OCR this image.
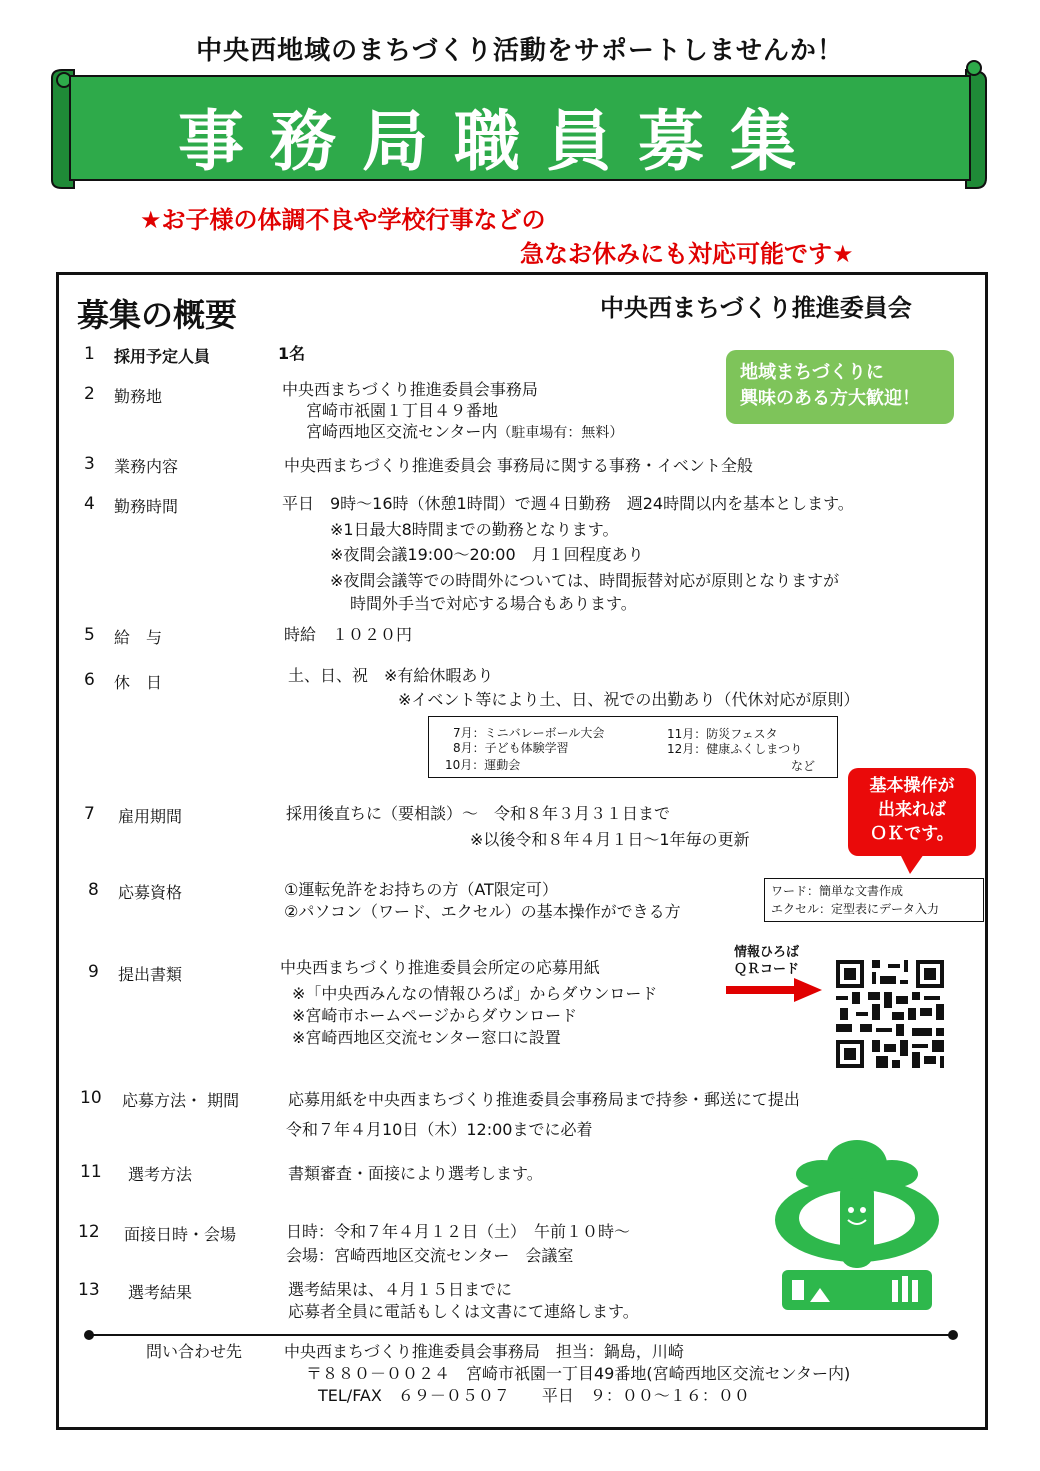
中央西地域のまちづくり活動をサポートしませんか！
事務局職員募集
★お子様の体調不良や学校行事などの
急なお休みにも対応可能です★
募集の概要	中央西まちづくり推進委員会
地域まちづくりに
興味のある方大歓迎！
1 採用予定人員	1名
2 勤務地	中央西まちづくり推進委員会事務局
宮崎市祇園１丁目４９番地
宮崎西地区交流センター内（駐車場有：無料）
3 業務内容	中央西まちづくり推進委員会 事務局に関する事務・イベント全般
4 勤務時間	平日　9時～16時（休憩1時間）で週４日勤務　週24時間以内を基本とします。
※1日最大8時間までの勤務となります。
※夜間会議19:00～20:00　月１回程度あり
※夜間会議等での時間外については、時間振替対応が原則となりますが
時間外手当で対応する場合もあります。
5 給　与	時給　１０２０円
6 休　日	土、日、祝　※有給休暇あり
※イベント等により土、日、祝での出勤あり（代休対応が原則）
7月：ミニバレーボール大会
8月：子ども体験学習
10月：運動会
11月：防災フェスタ
12月：健康ふくしまつり
など
7 雇用期間	採用後直ちに（要相談）～　令和８年３月３１日まで
※以後令和８年４月１日～1年毎の更新
基本操作が
出来れば
ＯＫです。
8 応募資格	①運転免許をお持ちの方（AT限定可）
②パソコン（ワード、エクセル）の基本操作ができる方
ワード：簡単な文書作成
エクセル：定型表にデータ入力
9 提出書類	中央西まちづくり推進委員会所定の応募用紙
※「中央西みんなの情報ひろば」からダウンロード
※宮崎市ホームページからダウンロード
※宮崎西地区交流センター窓口に設置
情報ひろば
ＱＲコード
10 応募方法・ 期間	応募用紙を中央西まちづくり推進委員会事務局まで持参・郵送にて提出
令和７年４月10日（木）12:00までに必着
11 選考方法	書類審査・面接により選考します。
12 面接日時・会場	日時：令和７年４月１２日（土）　午前１０時～
会場：宮崎西地区交流センター　会議室
13 選考結果	選考結果は、４月１５日までに
応募者全員に電話もしくは文書にて連絡します。
問い合わせ先	中央西まちづくり推進委員会事務局　担当：鍋島，川崎
〒８８０－００２４　宮崎市祇園一丁目49番地(宮崎西地区交流センター内)
TEL/FAX　６９－０５０７　　平日　９：００～１６：００
